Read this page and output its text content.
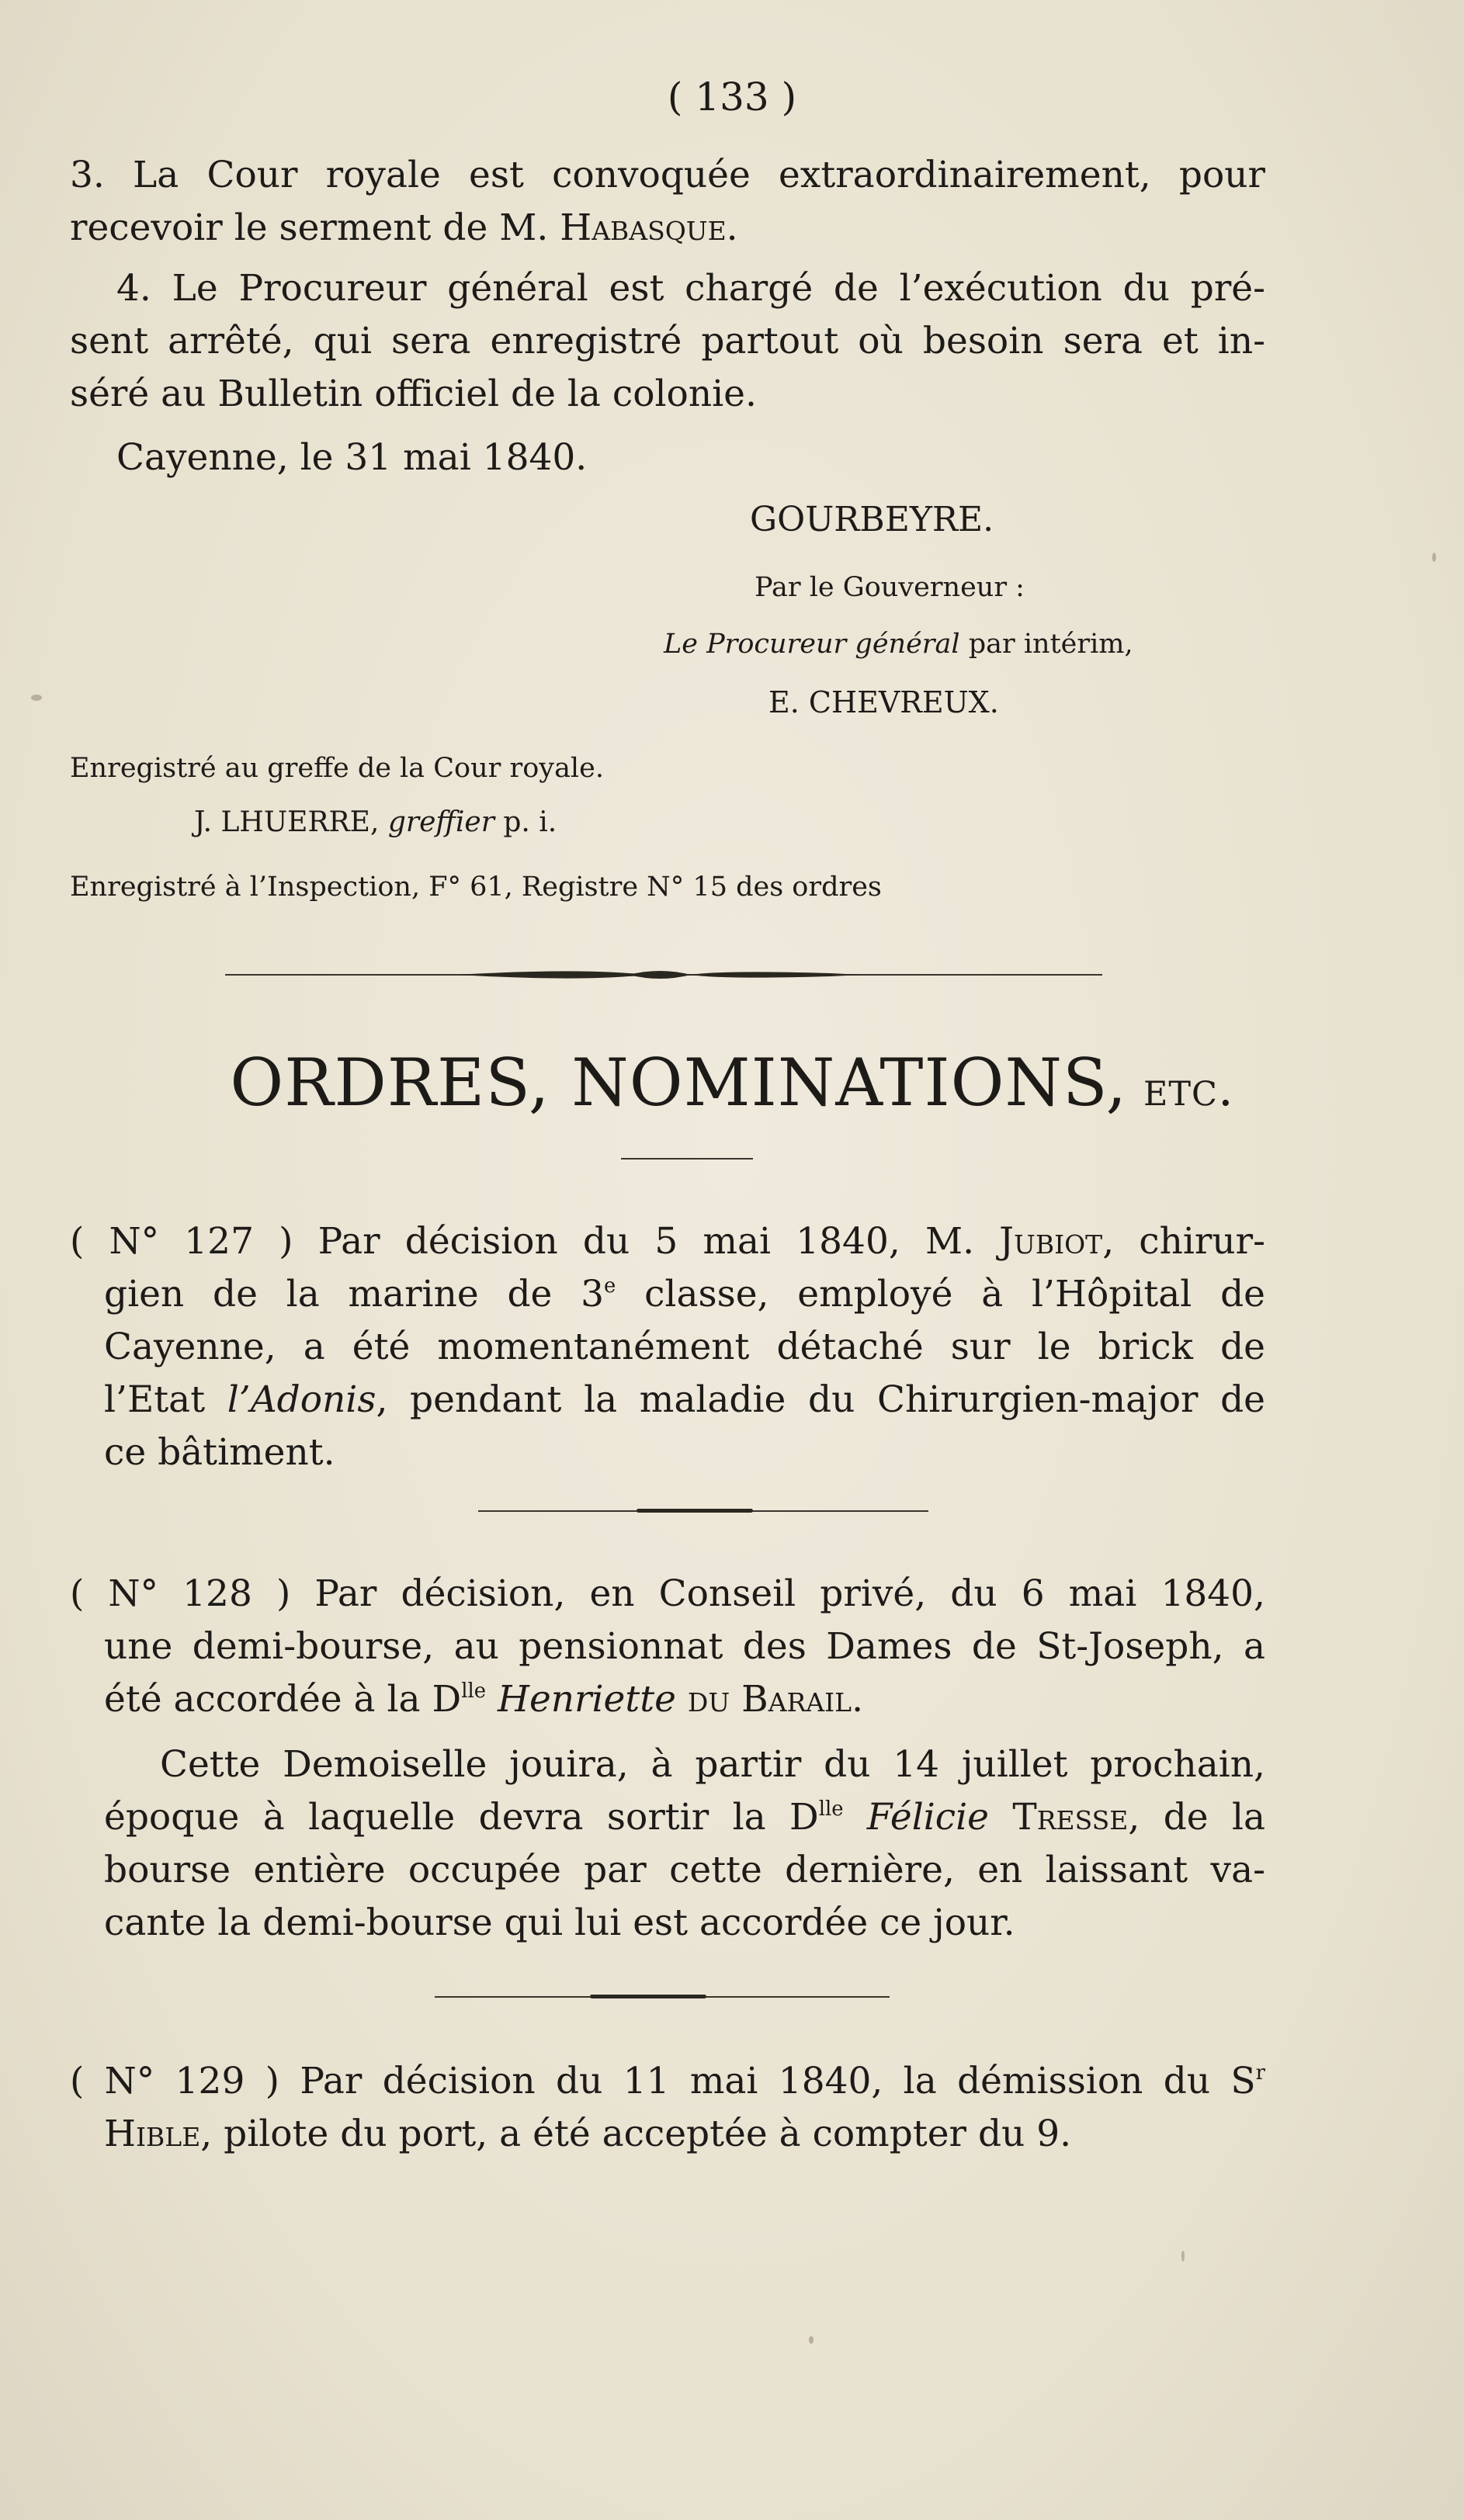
( 133 )
3. La Cour royale est convoquée extraordinairement, pour
recevoir le serment de M. Habasque.
4. Le Procureur général est chargé de l’exécution du pré-
sent arrêté, qui sera enregistré partout où besoin sera et in-
séré au Bulletin officiel de la colonie.
Cayenne, le 31 mai 1840.
GOURBEYRE.
Par le Gouverneur :
Le Procureur général par intérim,
E. CHEVREUX.
Enregistré au greffe de la Cour royale.
J. LHUERRE, greffier p. i.
Enregistré à l’Inspection, F° 61, Registre N° 15 des ordres
ORDRES, NOMINATIONS, etc.
( N° 127 ) Par décision du 5 mai 1840, M. Jubiot, chirur-
gien de la marine de 3e classe, employé à l’Hôpital de
Cayenne, a été momentanément détaché sur le brick de
l’Etat l’Adonis, pendant la maladie du Chirurgien-major de
ce bâtiment.
( N° 128 ) Par décision, en Conseil privé, du 6 mai 1840,
une demi-bourse, au pensionnat des Dames de St-Joseph, a
été accordée à la $D^{lle}$ Henriette du Barail.
Cette Demoiselle jouira, à partir du 14 juillet prochain,
époque à laquelle devra sortir la $D^{lle}$ Félicie Tresse, de la
bourse entière occupée par cette dernière, en laissant va-
cante la demi-bourse qui lui est accordée ce jour.
( N° 129 ) Par décision du 11 mai 1840, la démission du $S^r$
Hible, pilote du port, a été acceptée à compter du 9.
